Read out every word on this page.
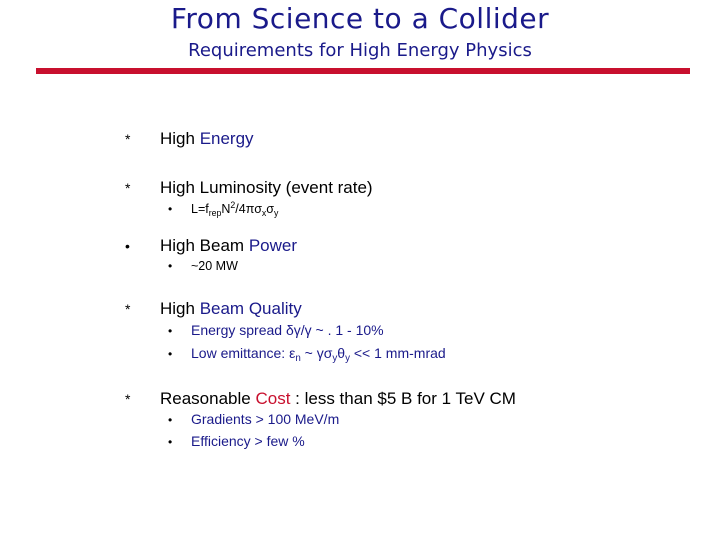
From Science to a Collider
Requirements for High Energy Physics
* High Energy
* High Luminosity (event rate)
• $L=f_{rep}N^2/4\pi\sigma_x\sigma_y$
• High Beam Power
• ~20 MW
* High Beam Quality
• Energy spread δγ/γ ~ . 1 - 10%
• Low emittance: $\varepsilon_n$ ~ $\gamma\sigma_y\theta_y << 1$ mm-mrad
* Reasonable Cost : less than $5 B for 1 TeV CM
• Gradients > 100 MeV/m
• Efficiency > few %
